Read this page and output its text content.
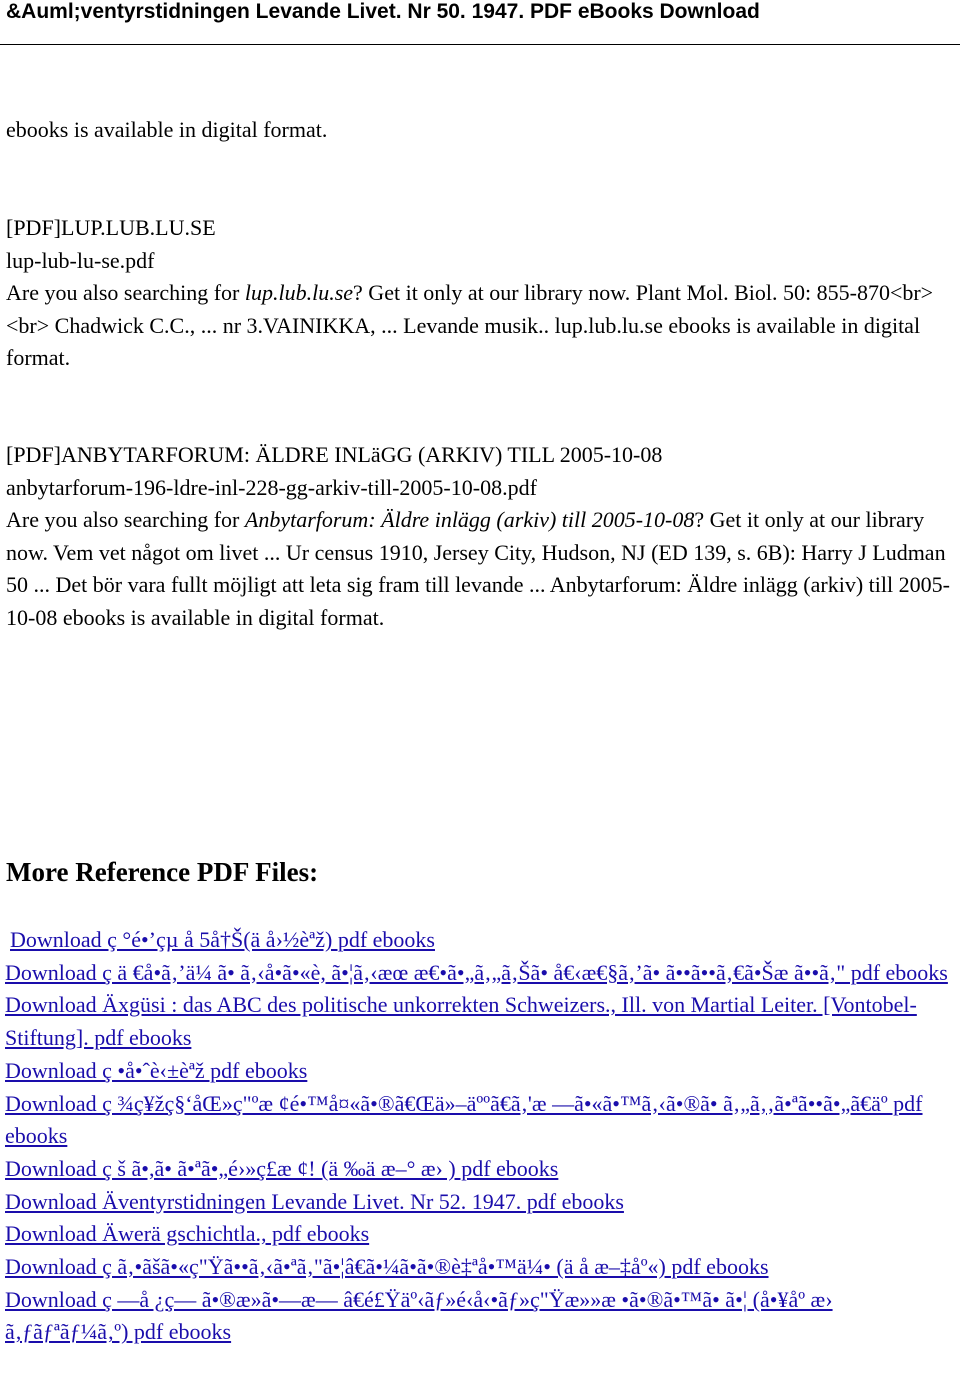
&Auml;ventyrstidningen Levande Livet. Nr 50. 1947. PDF eBooks Download
ebooks is available in digital format.
[PDF]LUP.LUB.LU.SE
lup-lub-lu-se.pdf
Are you also searching for lup.lub.lu.se? Get it only at our library now. Plant Mol. Biol. 50: 855-870<br> <br> Chadwick C.C., ... nr 3.VAINIKKA, ... Levande musik.. lup.lub.lu.se ebooks is available in digital format.
[PDF]ANBYTARFORUM: ÄLDRE INLäGG (ARKIV) TILL 2005-10-08
anbytarforum-196-ldre-inl-228-gg-arkiv-till-2005-10-08.pdf
Are you also searching for Anbytarforum: Äldre inlägg (arkiv) till 2005-10-08? Get it only at our library now. Vem vet något om livet ... Ur census 1910, Jersey City, Hudson, NJ (ED 139, s. 6B): Harry J Ludman 50 ... Det bör vara fullt möjligt att leta sig fram till levande ... Anbytarforum: Äldre inlägg (arkiv) till 2005-10-08 ebooks is available in digital format.
More Reference PDF Files:
Download ç °é•’çµ å 5å†Š(ä å›½èªž) pdf ebooks
Download ç ä €å•ã‚’ä¼ ã• ã‚‹å•ã•«è, ã•¦ã‚‹æœ æ€•ã•„ã‚„ã‚Šã• å€‹æ€§ã‚’ã• ã••ã••ã‚€ã•Šæ ã••ã‚" pdf ebooks
Download Äxgüsi : das ABC des politische unkorrekten Schweizers., Ill. von Martial Leiter. [Vontobel-Stiftung]. pdf ebooks
Download ç •å•ˆè‹±èªž pdf ebooks
Download ç ¾ç¥žç§‘åŒ»ç"ºæ ¢é•™å¤«ã•®ã€Œä»–äººã€ã‚'æ —ã•«ã•™ã‚‹ã•®ã• ã‚„ã‚‚ã•ªã••ã•„ã€äº pdf ebooks
Download ç š ã•,ã• ã•ªã•„é›»ç£æ ¢! (ä ‰ä æ–° æ› ) pdf ebooks
Download Äventyrstidningen Levande Livet. Nr 52. 1947. pdf ebooks
Download Äwerä gschichtla., pdf ebooks
Download ç ã‚•ãšã•«ç"Ÿã••ã‚‹ã•ªã‚"ã•¦â€ã•¼ã•ã•®è‡ªå•™ä¼• (ä å æ–‡åº«) pdf ebooks
Download ç —å ¿ç— ã•®æ»ã•—æ— â€é£Ÿäº‹ãƒ»é‹å‹•ãƒ»ç"Ÿæ»»æ •ã•®ã•™ã• ã•¦ (å•¥åº æ› ã‚ƒãƒªãƒ¼ã‚º) pdf ebooks
